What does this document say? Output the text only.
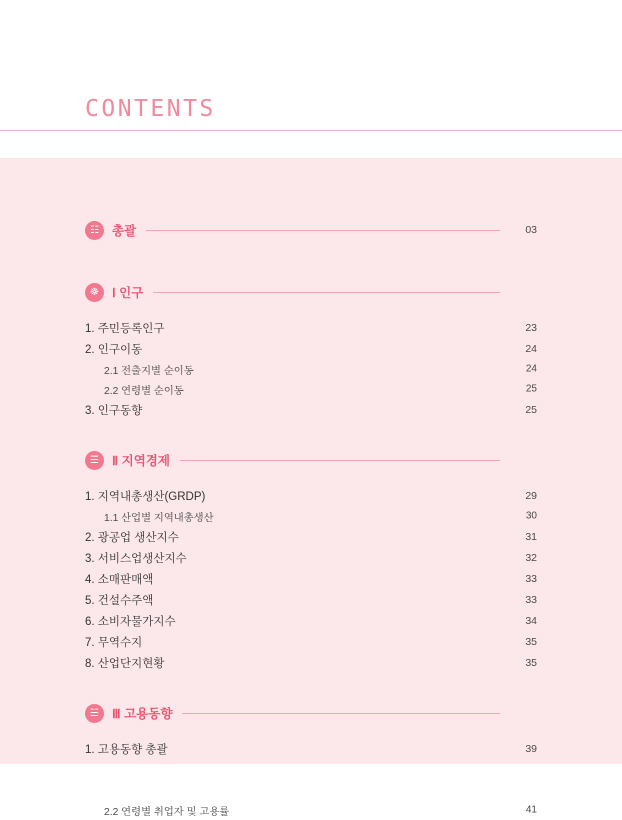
CONTENTS
☷	총괄	03
☸	Ⅰ 인구
1. 주민등록인구	23
2. 인구이동	24
2.1 전출지별 순이동	24
2.2 연령별 순이동	25
3. 인구동향	25
☰	Ⅱ 지역경제
1. 지역내총생산(GRDP)	29
1.1 산업별 지역내총생산	30
2. 광공업 생산지수	31
3. 서비스업생산지수	32
4. 소매판매액	33
5. 건설수주액	33
6. 소비자물가지수	34
7. 무역수지	35
8. 산업단지현황	35
☱	Ⅲ 고용동향
1. 고용동향 총괄	39
2.2 연령별 취업자 및 고용률	41
